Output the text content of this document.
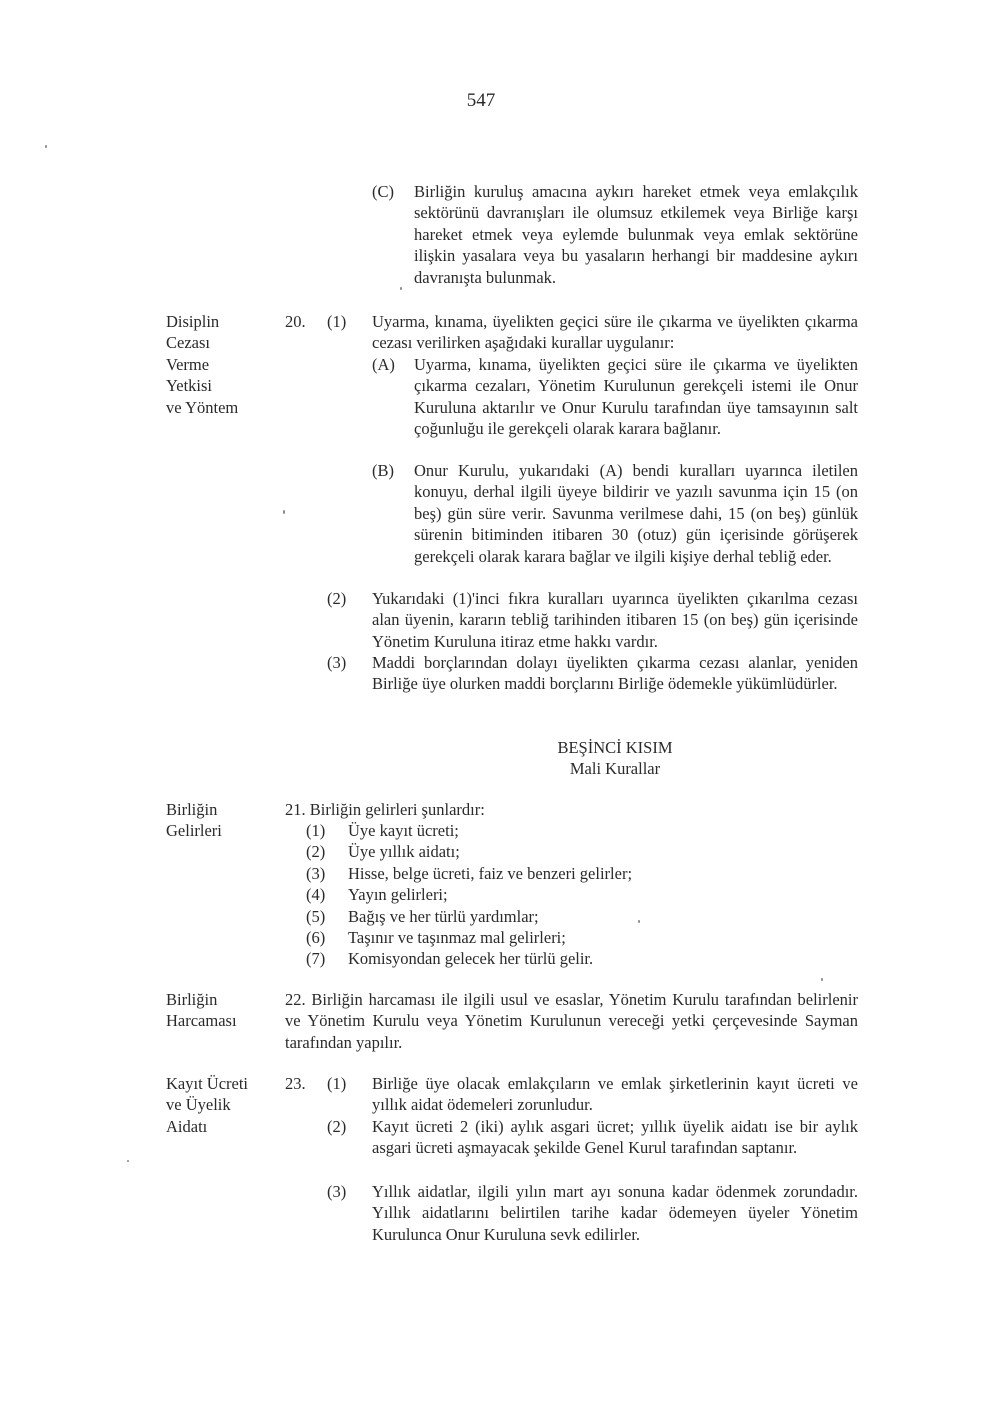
547
(C) Birliğin kuruluş amacına aykırı hareket etmek veya emlakçılık sektörünü davranışları ile olumsuz etkilemek veya Birliğe karşı hareket etmek veya eylemde bulunmak veya emlak sektörüne ilişkin yasalara veya bu yasaların herhangi bir maddesine aykırı davranışta bulunmak.
Disiplin
Cezası
Verme
Yetkisi
ve Yöntem
20. (1) Uyarma, kınama, üyelikten geçici süre ile çıkarma ve üyelikten çıkarma cezası verilirken aşağıdaki kurallar uygulanır:
(A) Uyarma, kınama, üyelikten geçici süre ile çıkarma ve üyelikten çıkarma cezaları, Yönetim Kurulunun gerekçeli istemi ile Onur Kuruluna aktarılır ve Onur Kurulu tarafından üye tamsayının salt çoğunluğu ile gerekçeli olarak karara bağlanır.
(B) Onur Kurulu, yukarıdaki (A) bendi kuralları uyarınca iletilen konuyu, derhal ilgili üyeye bildirir ve yazılı savunma için 15 (on beş) gün süre verir. Savunma verilmese dahi, 15 (on beş) günlük sürenin bitiminden itibaren 30 (otuz) gün içerisinde görüşerek gerekçeli olarak karara bağlar ve ilgili kişiye derhal tebliğ eder.
(2) Yukarıdaki (1)'inci fıkra kuralları uyarınca üyelikten çıkarılma cezası alan üyenin, kararın tebliğ tarihinden itibaren 15 (on beş) gün içerisinde Yönetim Kuruluna itiraz etme hakkı vardır.
(3) Maddi borçlarından dolayı üyelikten çıkarma cezası alanlar, yeniden Birliğe üye olurken maddi borçlarını Birliğe ödemekle yükümlüdürler.
BEŞİNCİ KISIM
Mali Kurallar
Birliğin
Gelirleri
21. Birliğin gelirleri şunlardır:
(1) Üye kayıt ücreti;
(2) Üye yıllık aidatı;
(3) Hisse, belge ücreti, faiz ve benzeri gelirler;
(4) Yayın gelirleri;
(5) Bağış ve her türlü yardımlar;
(6) Taşınır ve taşınmaz mal gelirleri;
(7) Komisyondan gelecek her türlü gelir.
Birliğin
Harcaması
22. Birliğin harcaması ile ilgili usul ve esaslar, Yönetim Kurulu tarafından belirlenir ve Yönetim Kurulu veya Yönetim Kurulunun vereceği yetki çerçevesinde Sayman tarafından yapılır.
Kayıt Ücreti
ve Üyelik
Aidatı
23. (1) Birliğe üye olacak emlakçıların ve emlak şirketlerinin kayıt ücreti ve yıllık aidat ödemeleri zorunludur.
(2) Kayıt ücreti 2 (iki) aylık asgari ücret; yıllık üyelik aidatı ise bir aylık asgari ücreti aşmayacak şekilde Genel Kurul tarafından saptanır.
(3) Yıllık aidatlar, ilgili yılın mart ayı sonuna kadar ödenmek zorundadır. Yıllık aidatlarını belirtilen tarihe kadar ödemeyen üyeler Yönetim Kurulunca Onur Kuruluna sevk edilirler.
